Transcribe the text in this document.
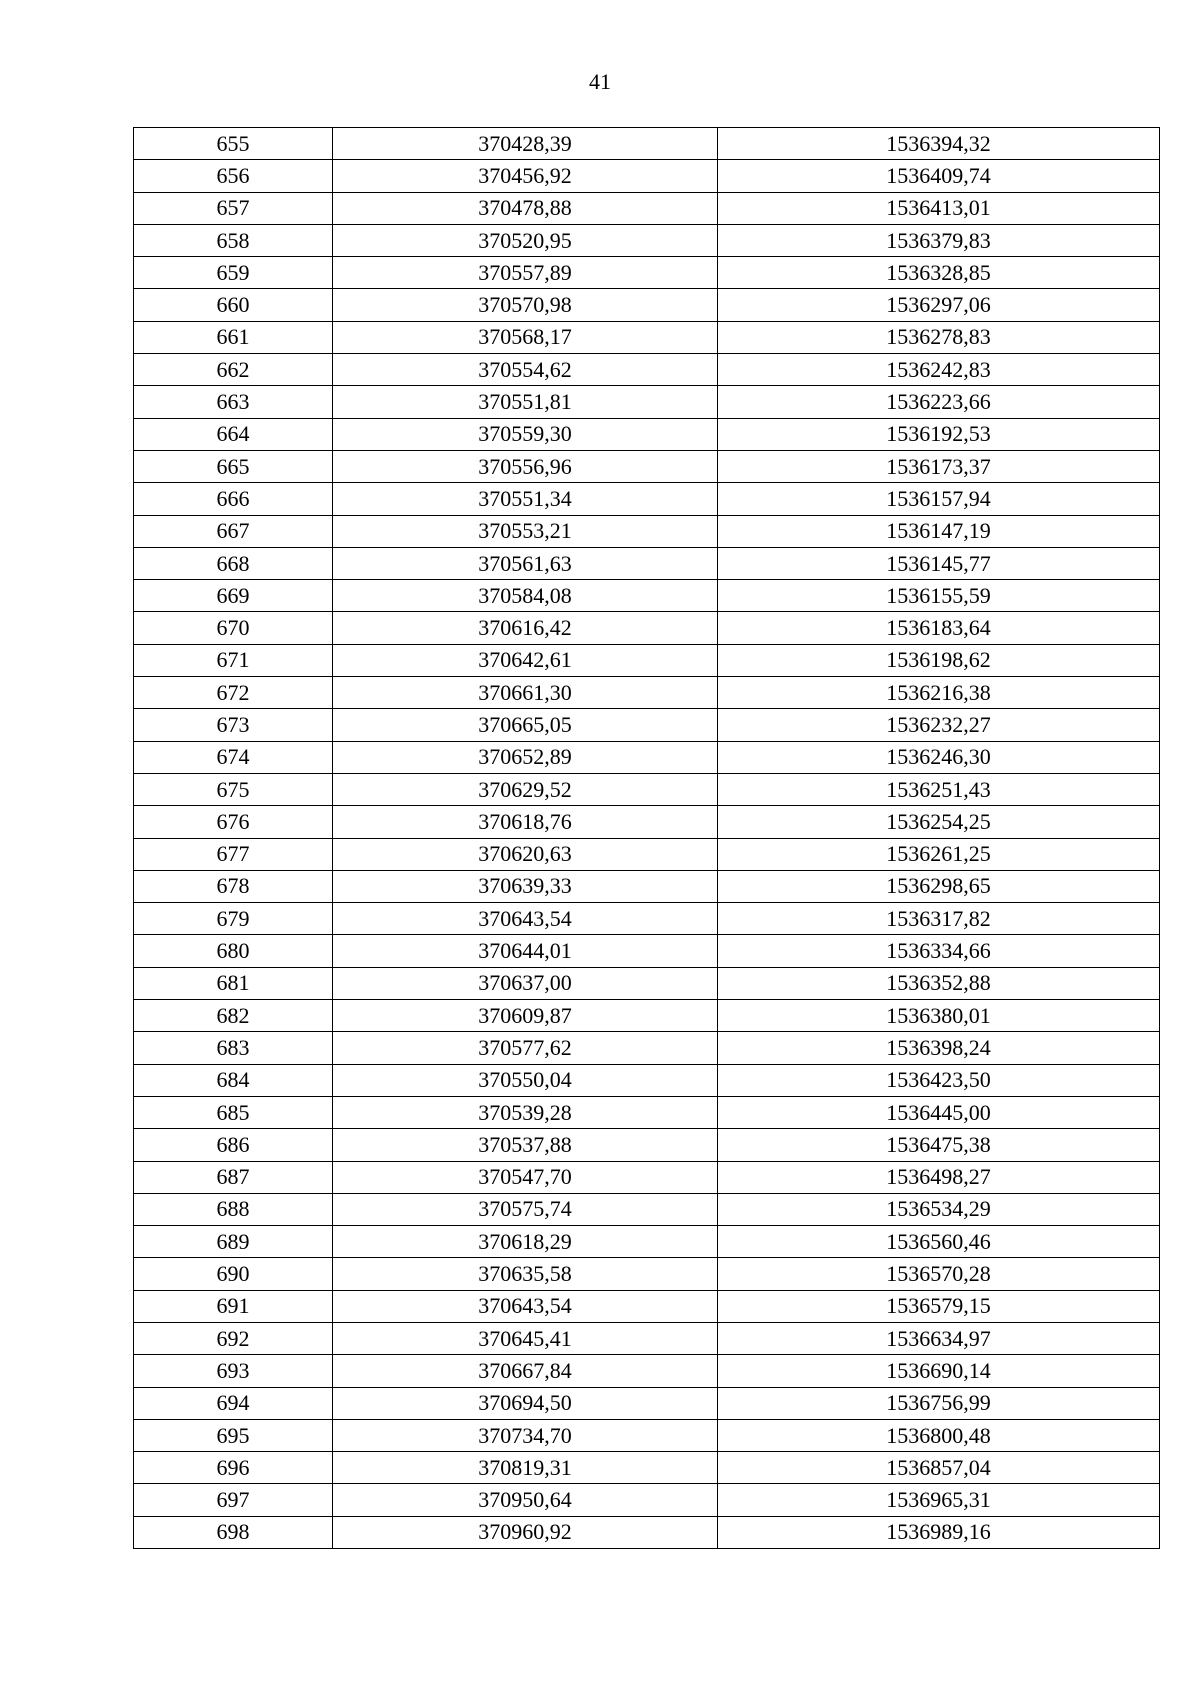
41
655	370428,39	1536394,32
656	370456,92	1536409,74
657	370478,88	1536413,01
658	370520,95	1536379,83
659	370557,89	1536328,85
660	370570,98	1536297,06
661	370568,17	1536278,83
662	370554,62	1536242,83
663	370551,81	1536223,66
664	370559,30	1536192,53
665	370556,96	1536173,37
666	370551,34	1536157,94
667	370553,21	1536147,19
668	370561,63	1536145,77
669	370584,08	1536155,59
670	370616,42	1536183,64
671	370642,61	1536198,62
672	370661,30	1536216,38
673	370665,05	1536232,27
674	370652,89	1536246,30
675	370629,52	1536251,43
676	370618,76	1536254,25
677	370620,63	1536261,25
678	370639,33	1536298,65
679	370643,54	1536317,82
680	370644,01	1536334,66
681	370637,00	1536352,88
682	370609,87	1536380,01
683	370577,62	1536398,24
684	370550,04	1536423,50
685	370539,28	1536445,00
686	370537,88	1536475,38
687	370547,70	1536498,27
688	370575,74	1536534,29
689	370618,29	1536560,46
690	370635,58	1536570,28
691	370643,54	1536579,15
692	370645,41	1536634,97
693	370667,84	1536690,14
694	370694,50	1536756,99
695	370734,70	1536800,48
696	370819,31	1536857,04
697	370950,64	1536965,31
698	370960,92	1536989,16
